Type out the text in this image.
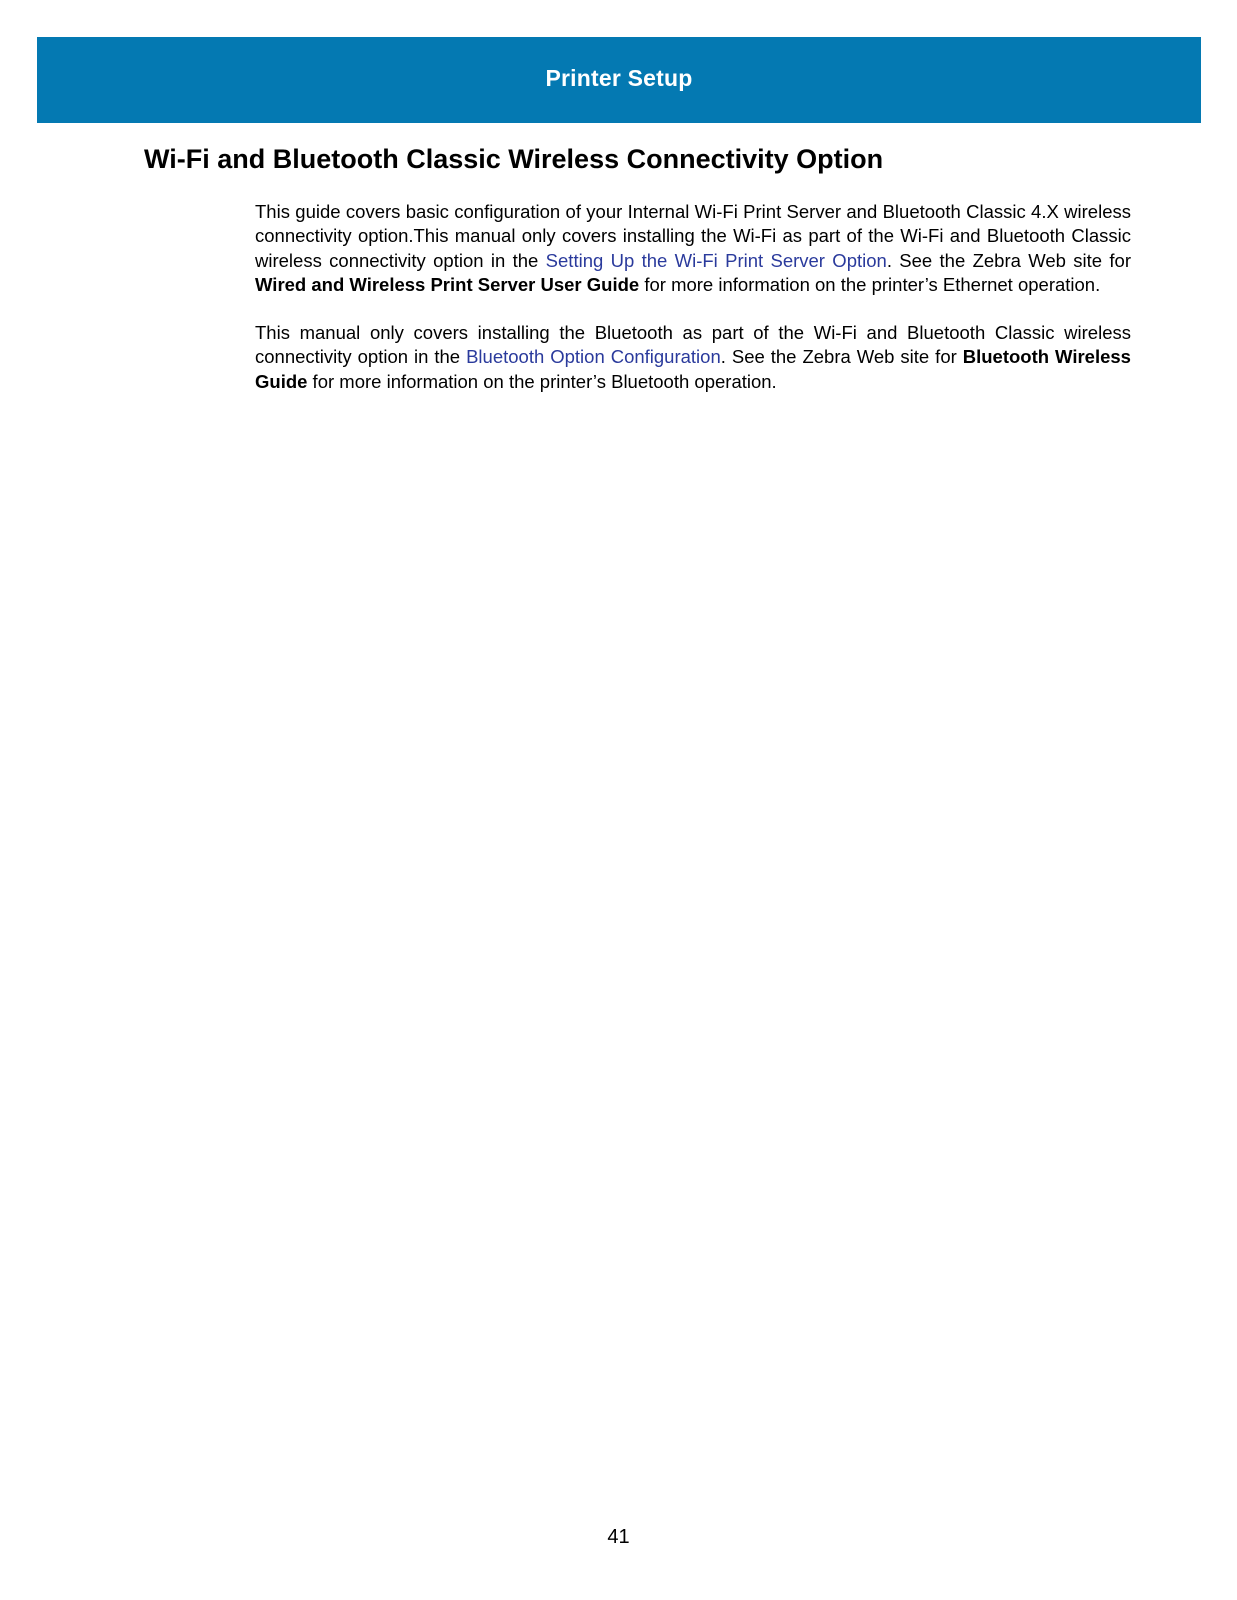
Printer Setup
Wi-Fi and Bluetooth Classic Wireless Connectivity Option

This guide covers basic configuration of your Internal Wi-Fi Print Server and Bluetooth Classic 4.X wireless connectivity option.This manual only covers installing the Wi-Fi as part of the Wi-Fi and Bluetooth Classic wireless connectivity option in the Setting Up the Wi-Fi Print Server Option. See the Zebra Web site for Wired and Wireless Print Server User Guide for more information on the printer’s Ethernet operation.

This manual only covers installing the Bluetooth as part of the Wi-Fi and Bluetooth Classic wireless connectivity option in the Bluetooth Option Configuration. See the Zebra Web site for Bluetooth Wireless Guide for more information on the printer’s Bluetooth operation.

41
